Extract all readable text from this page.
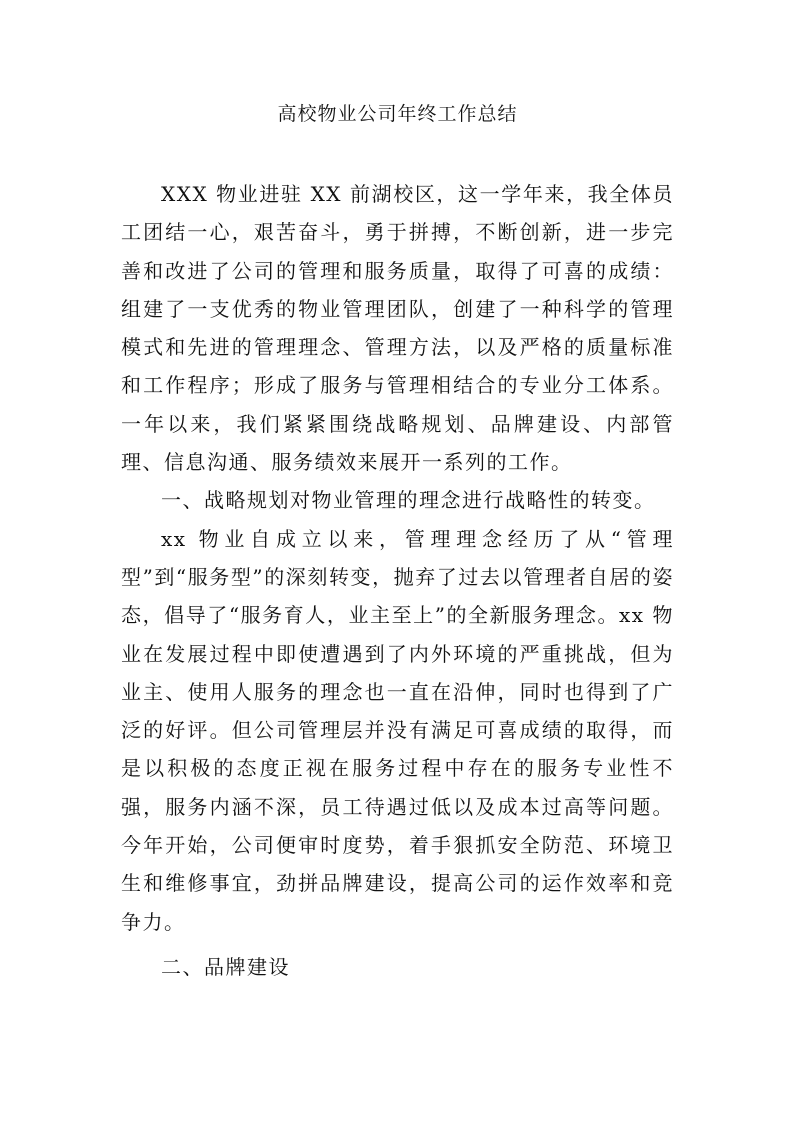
高校物业公司年终工作总结

XXX 物业进驻 XX 前湖校区，这一学年来，我全体员工团结一心，艰苦奋斗，勇于拼搏，不断创新，进一步完善和改进了公司的管理和服务质量，取得了可喜的成绩：组建了一支优秀的物业管理团队，创建了一种科学的管理模式和先进的管理理念、管理方法，以及严格的质量标准和工作程序；形成了服务与管理相结合的专业分工体系。一年以来，我们紧紧围绕战略规划、品牌建设、内部管理、信息沟通、服务绩效来展开一系列的工作。

一、战略规划对物业管理的理念进行战略性的转变。

xx 物业自成立以来，管理理念经历了从“管理型”到“服务型”的深刻转变，抛弃了过去以管理者自居的姿态，倡导了“服务育人，业主至上”的全新服务理念。xx 物业在发展过程中即使遭遇到了内外环境的严重挑战，但为业主、使用人服务的理念也一直在沿伸，同时也得到了广泛的好评。但公司管理层并没有满足可喜成绩的取得，而是以积极的态度正视在服务过程中存在的服务专业性不强，服务内涵不深，员工待遇过低以及成本过高等问题。今年开始，公司便审时度势，着手狠抓安全防范、环境卫生和维修事宜，劲拼品牌建设，提高公司的运作效率和竞争力。

二、品牌建设
